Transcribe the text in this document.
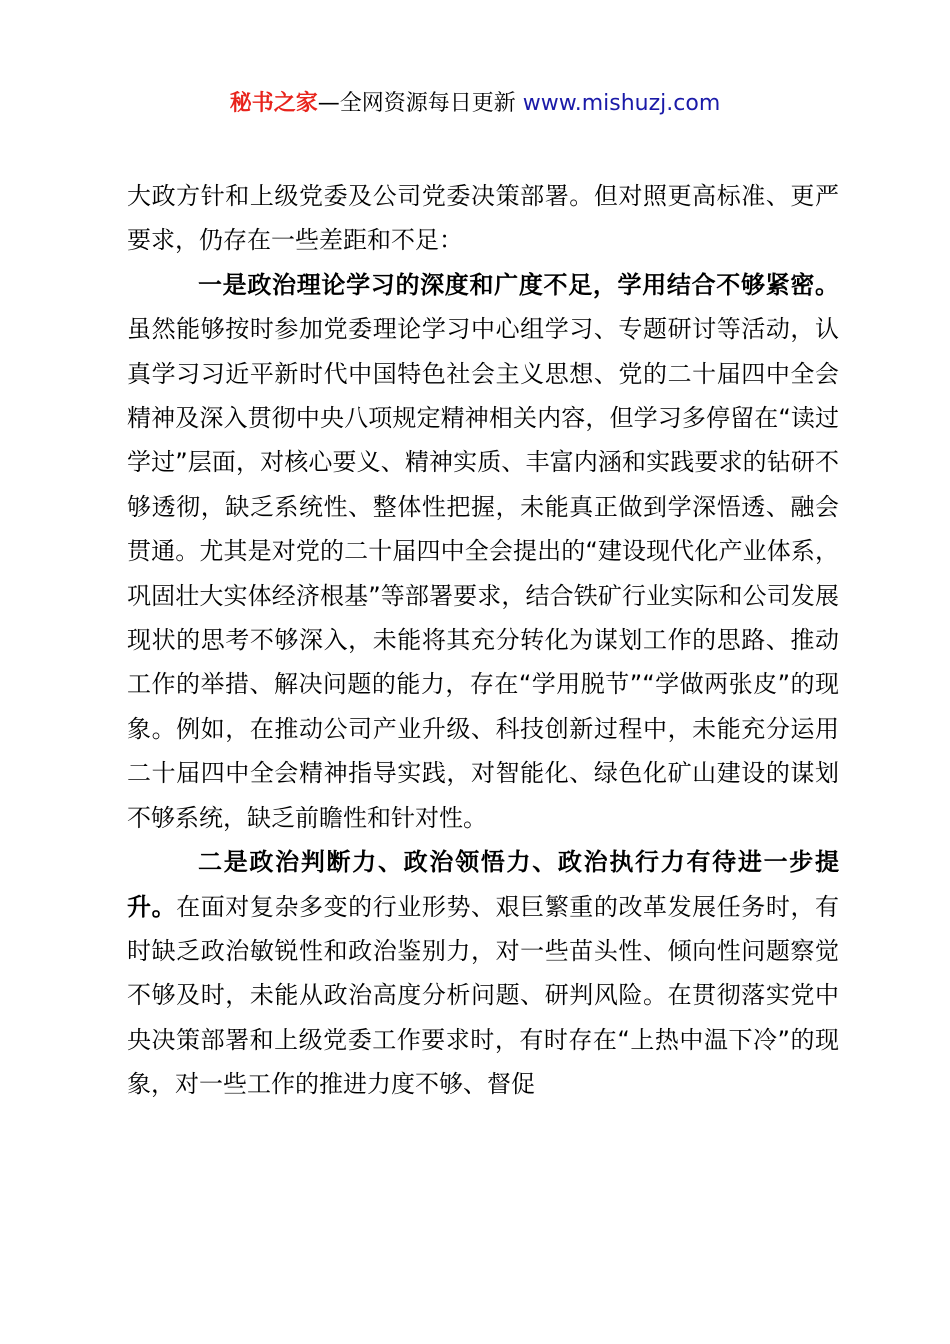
秘书之家—全网资源每日更新 www.mishuzj.com

大政方针和上级党委及公司党委决策部署。但对照更高标准、更严要求，仍存在一些差距和不足：

一是政治理论学习的深度和广度不足，学用结合不够紧密。虽然能够按时参加党委理论学习中心组学习、专题研讨等活动，认真学习习近平新时代中国特色社会主义思想、党的二十届四中全会精神及深入贯彻中央八项规定精神相关内容，但学习多停留在“读过学过”层面，对核心要义、精神实质、丰富内涵和实践要求的钻研不够透彻，缺乏系统性、整体性把握，未能真正做到学深悟透、融会贯通。尤其是对党的二十届四中全会提出的“建设现代化产业体系，巩固壮大实体经济根基”等部署要求，结合铁矿行业实际和公司发展现状的思考不够深入，未能将其充分转化为谋划工作的思路、推动工作的举措、解决问题的能力，存在“学用脱节”“学做两张皮”的现象。例如，在推动公司产业升级、科技创新过程中，未能充分运用二十届四中全会精神指导实践，对智能化、绿色化矿山建设的谋划不够系统，缺乏前瞻性和针对性。

二是政治判断力、政治领悟力、政治执行力有待进一步提升。在面对复杂多变的行业形势、艰巨繁重的改革发展任务时，有时缺乏政治敏锐性和政治鉴别力，对一些苗头性、倾向性问题察觉不够及时，未能从政治高度分析问题、研判风险。在贯彻落实党中央决策部署和上级党委工作要求时，有时存在“上热中温下冷”的现象，对一些工作的推进力度不够、督促
